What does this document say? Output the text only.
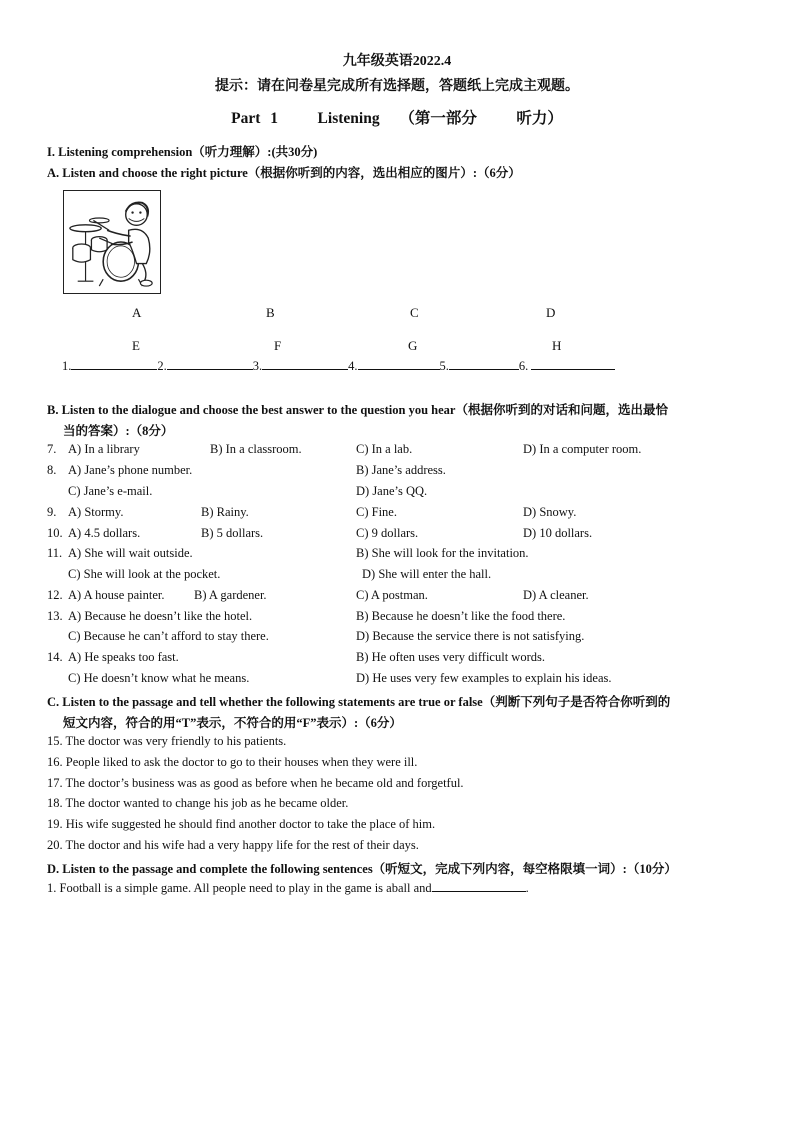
九年级英语2022.4
提示：请在问卷星完成所有选择题，答题纸上完成主观题。
Part 1    Listening  （第一部分    听力）
I. Listening comprehension（听力理解）:(共30分)
A. Listen and choose the right picture（根据你听到的内容，选出相应的图片）:（6分）
A	B	C	D
E	F	G	H
1.	2.	3.	4.	5.	6.
B. Listen to the dialogue and choose the best answer to the question you hear（根据你听到的对话和问题，选出最恰
当的答案）:（8分）
7. A) In a library	B) In a classroom.	C) In a lab.	D) In a computer room.
8. A) Jane’s phone number.	B) Jane’s address.
C) Jane’s e-mail.	D) Jane’s QQ.
9. A) Stormy.	B) Rainy.	C) Fine.	D) Snowy.
10. A) 4.5 dollars.	B) 5 dollars.	C) 9 dollars.	D) 10 dollars.
11. A) She will wait outside.	B) She will look for the invitation.
C) She will look at the pocket.	D) She will enter the hall.
12. A) A house painter. B) A gardener.	C) A postman.	D) A cleaner.
13. A) Because he doesn’t like the hotel.	B) Because he doesn’t like the food there.
C) Because he can’t afford to stay there.	D) Because the service there is not satisfying.
14. A) He speaks too fast.	B) He often uses very difficult words.
C) He doesn’t know what he means.	D) He uses very few examples to explain his ideas.
C. Listen to the passage and tell whether the following statements are true or false（判断下列句子是否符合你听到的
短文内容，符合的用“T”表示，不符合的用“F”表示）:（6分）
15. The doctor was very friendly to his patients.
16. People liked to ask the doctor to go to their houses when they were ill.
17. The doctor’s business was as good as before when he became old and forgetful.
18. The doctor wanted to change his job as he became older.
19. His wife suggested he should find another doctor to take the place of him.
20. The doctor and his wife had a very happy life for the rest of their days.
D. Listen to the passage and complete the following sentences（听短文，完成下列内容，每空格限填一词）:（10分）
1. Football is a simple game. All people need to play in the game is aball and	.
